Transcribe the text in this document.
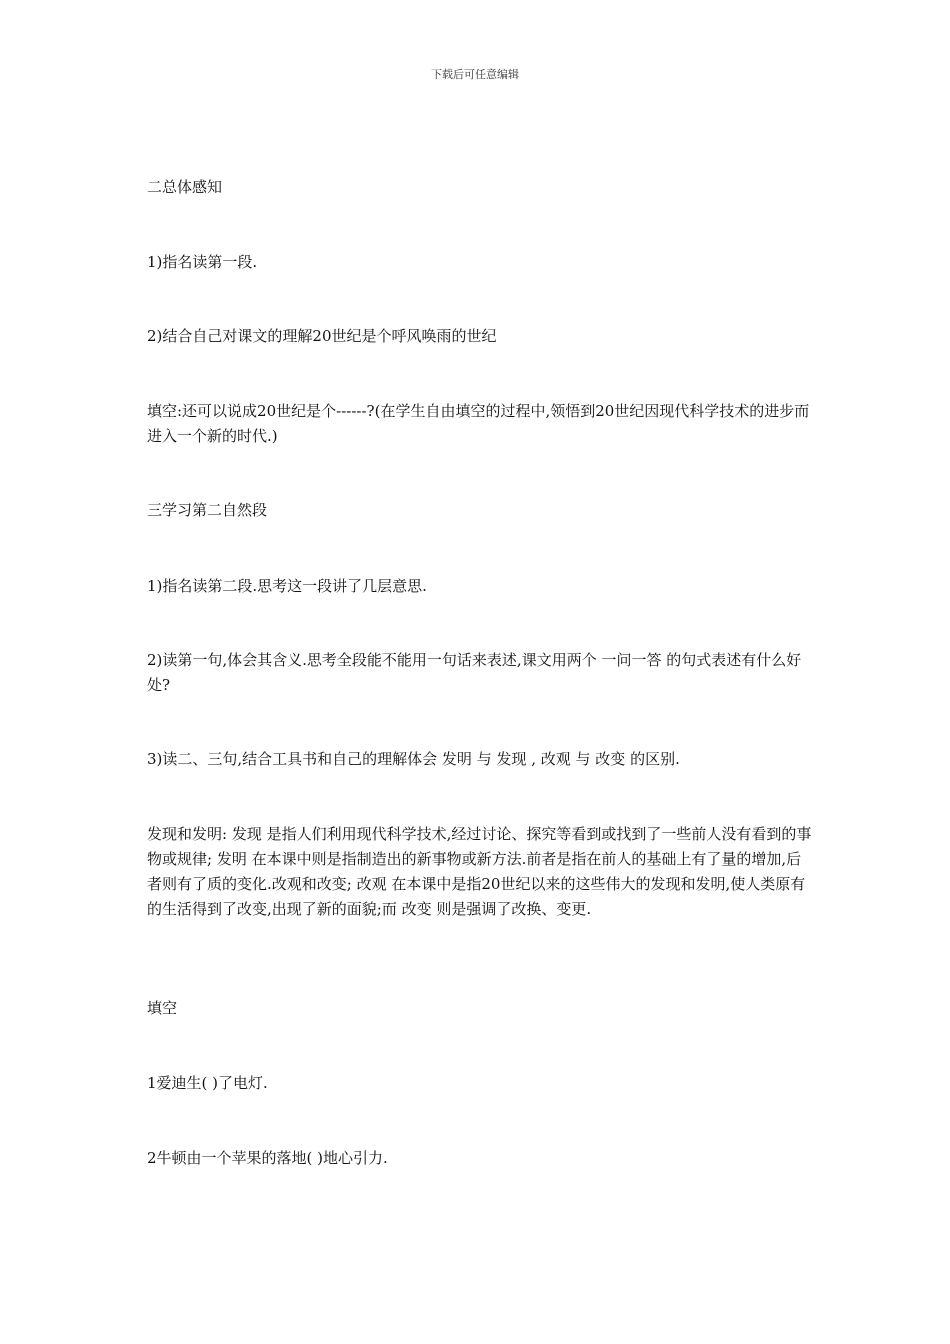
下载后可任意编辑

二总体感知

1)指名读第一段.

2)结合自己对课文的理解20世纪是个呼风唤雨的世纪

填空:还可以说成20世纪是个------?(在学生自由填空的过程中,领悟到20世纪因现代科学技术的进步而进入一个新的时代.)

三学习第二自然段

1)指名读第二段.思考这一段讲了几层意思.

2)读第一句,体会其含义.思考全段能不能用一句话来表述,课文用两个 一问一答 的句式表述有什么好处?

3)读二、三句,结合工具书和自己的理解体会 发明 与 发现 , 改观 与 改变 的区别.

发现和发明: 发现 是指人们利用现代科学技术,经过讨论、探究等看到或找到了一些前人没有看到的事物或规律; 发明 在本课中则是指制造出的新事物或新方法.前者是指在前人的基础上有了量的增加,后者则有了质的变化.改观和改变; 改观 在本课中是指20世纪以来的这些伟大的发现和发明,使人类原有的生活得到了改变,出现了新的面貌;而 改变 则是强调了改换、变更.

填空

1爱迪生( )了电灯.

2牛顿由一个苹果的落地( )地心引力.
